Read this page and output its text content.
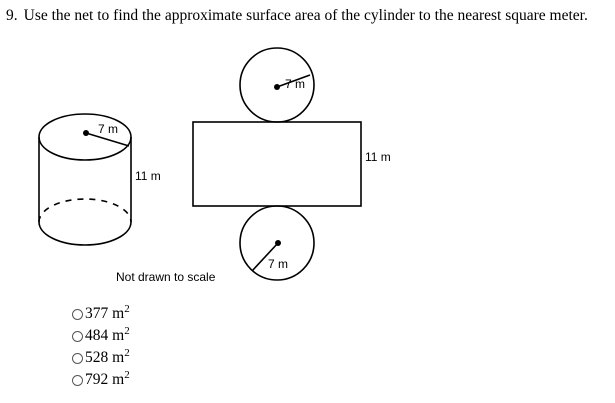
9. Use the net to find the approximate surface area of the cylinder to the nearest square meter.
7 m
11 m
7 m
11 m
7 m
Not drawn to scale
377
$m^2$
484
$m^2$
528
$m^2$
792
$m^2$
